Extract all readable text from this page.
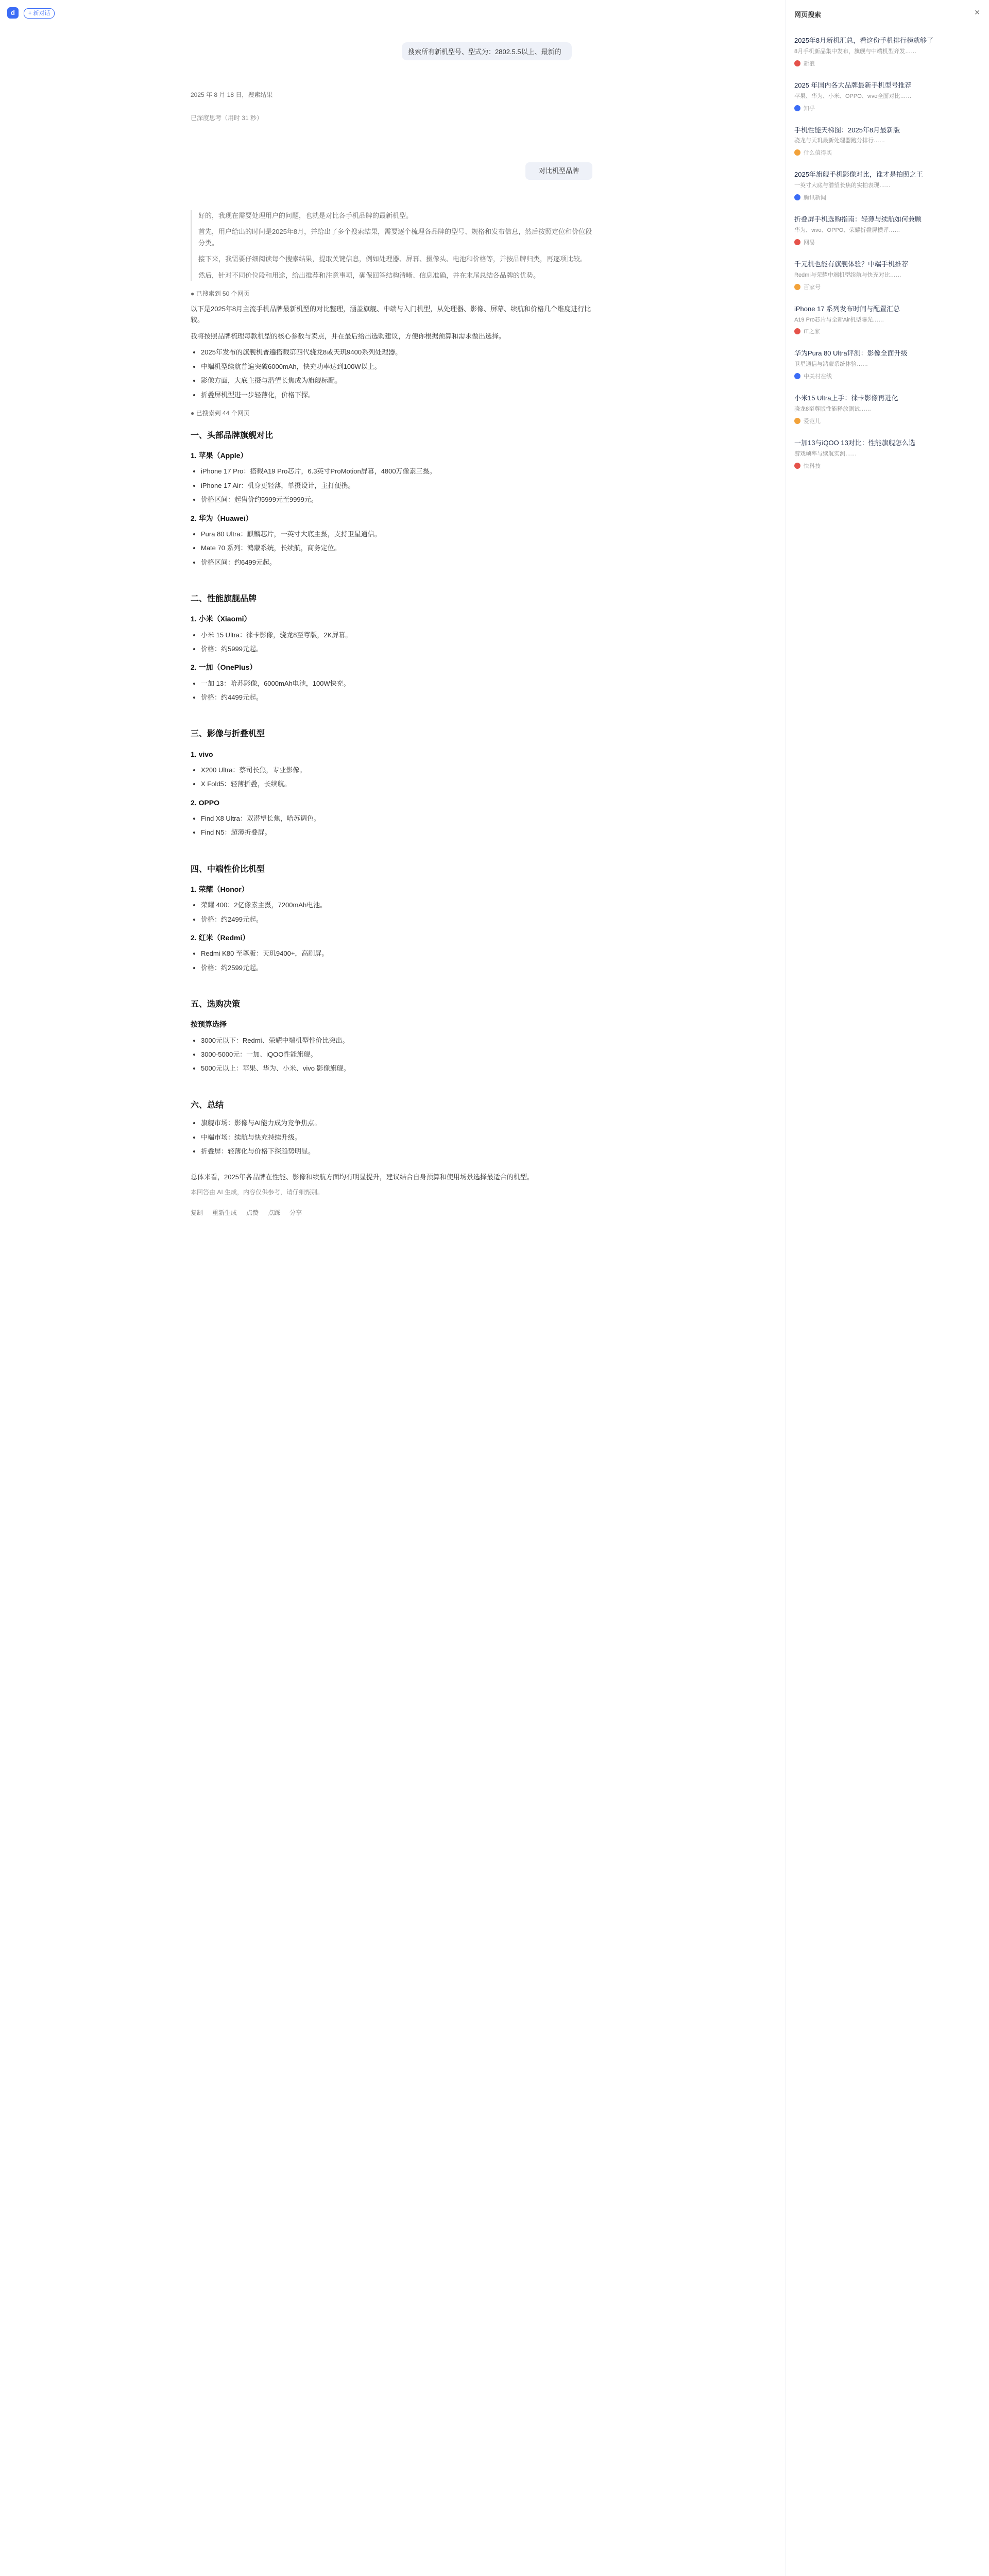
d	+ 新对话
搜索所有新机型号、型式为：2802.5.5以上、最新的
2025 年 8 月 18 日，搜索结果
已深度思考（用时 31 秒）
对比机型品牌

好的，我现在需要处理用户的问题，也就是对比各手机品牌的最新机型。

首先，用户给出的时间是2025年8月，并给出了多个搜索结果，需要逐个梳理各品牌的型号、规格和发布信息，然后按照定位和价位段分类。

接下来，我需要仔细阅读每个搜索结果，提取关键信息，例如处理器、屏幕、摄像头、电池和价格等，并按品牌归类，再逐项比较。

然后，针对不同价位段和用途，给出推荐和注意事项，确保回答结构清晰、信息准确，并在末尾总结各品牌的优势。

● 已搜索到 50 个网页

以下是2025年8月主流手机品牌最新机型的对比整理，涵盖旗舰、中端与入门机型，从处理器、影像、屏幕、续航和价格几个维度进行比较。

我将按照品牌梳理每款机型的核心参数与卖点，并在最后给出选购建议，方便你根据预算和需求做出选择。

• 2025年发布的旗舰机普遍搭载第四代骁龙8或天玑9400系列处理器。
• 中端机型续航普遍突破6000mAh，快充功率达到100W以上。
• 影像方面，大底主摄与潜望长焦成为旗舰标配。
• 折叠屏机型进一步轻薄化，价格下探。
● 已搜索到 44 个网页
一、头部品牌旗舰对比
1. 苹果（Apple）
• iPhone 17 Pro：搭载A19 Pro芯片，6.3英寸ProMotion屏幕，4800万像素三摄。
• iPhone 17 Air：机身更轻薄，单摄设计，主打便携。
• 价格区间：起售价约5999元至9999元。
2. 华为（Huawei）
• Pura 80 Ultra：麒麟芯片，一英寸大底主摄，支持卫星通信。
• Mate 70 系列：鸿蒙系统，长续航，商务定位。
• 价格区间：约6499元起。
二、性能旗舰品牌
1. 小米（Xiaomi）
• 小米 15 Ultra：徕卡影像，骁龙8至尊版，2K屏幕。
• 价格：约5999元起。
2. 一加（OnePlus）
• 一加 13：哈苏影像，6000mAh电池，100W快充。
• 价格：约4499元起。
三、影像与折叠机型
1. vivo
• X200 Ultra：蔡司长焦，专业影像。
• X Fold5：轻薄折叠，长续航。
2. OPPO
• Find X8 Ultra：双潜望长焦，哈苏调色。
• Find N5：超薄折叠屏。
四、中端性价比机型
1. 荣耀（Honor）
• 荣耀 400：2亿像素主摄，7200mAh电池。
• 价格：约2499元起。
2. 红米（Redmi）
• Redmi K80 至尊版：天玑9400+，高刷屏。
• 价格：约2599元起。
五、选购决策
按预算选择
• 3000元以下：Redmi、荣耀中端机型性价比突出。
• 3000-5000元：一加、iQOO性能旗舰。
• 5000元以上：苹果、华为、小米、vivo 影像旗舰。
六、总结
• 旗舰市场：影像与AI能力成为竞争焦点。
• 中端市场：续航与快充持续升级。
• 折叠屏：轻薄化与价格下探趋势明显。

总体来看，2025年各品牌在性能、影像和续航方面均有明显提升，建议结合自身预算和使用场景选择最适合的机型。

本回答由 AI 生成，内容仅供参考，请仔细甄别。
复制 重新生成 点赞 点踩 分享
网页搜索	✕
2025年8月新机汇总，看这份手机排行榜就够了
8月手机新品集中发布，旗舰与中端机型齐发……
新浪
2025 年国内各大品牌最新手机型号推荐
苹果、华为、小米、OPPO、vivo全面对比……
知乎
手机性能天梯图：2025年8月最新版
骁龙与天玑最新处理器跑分排行……
什么值得买
2025年旗舰手机影像对比，谁才是拍照之王
一英寸大底与潜望长焦的实拍表现……
腾讯新闻
折叠屏手机选购指南：轻薄与续航如何兼顾
华为、vivo、OPPO、荣耀折叠屏横评……
网易
千元机也能有旗舰体验？中端手机推荐
Redmi与荣耀中端机型续航与快充对比……
百家号
iPhone 17 系列发布时间与配置汇总
A19 Pro芯片与全新Air机型曝光……
IT之家
华为Pura 80 Ultra评测：影像全面升级
卫星通信与鸿蒙系统体验……
中关村在线
小米15 Ultra上手：徕卡影像再进化
骁龙8至尊版性能释放测试……
爱范儿
一加13与iQOO 13对比：性能旗舰怎么选
游戏帧率与续航实测……
快科技
